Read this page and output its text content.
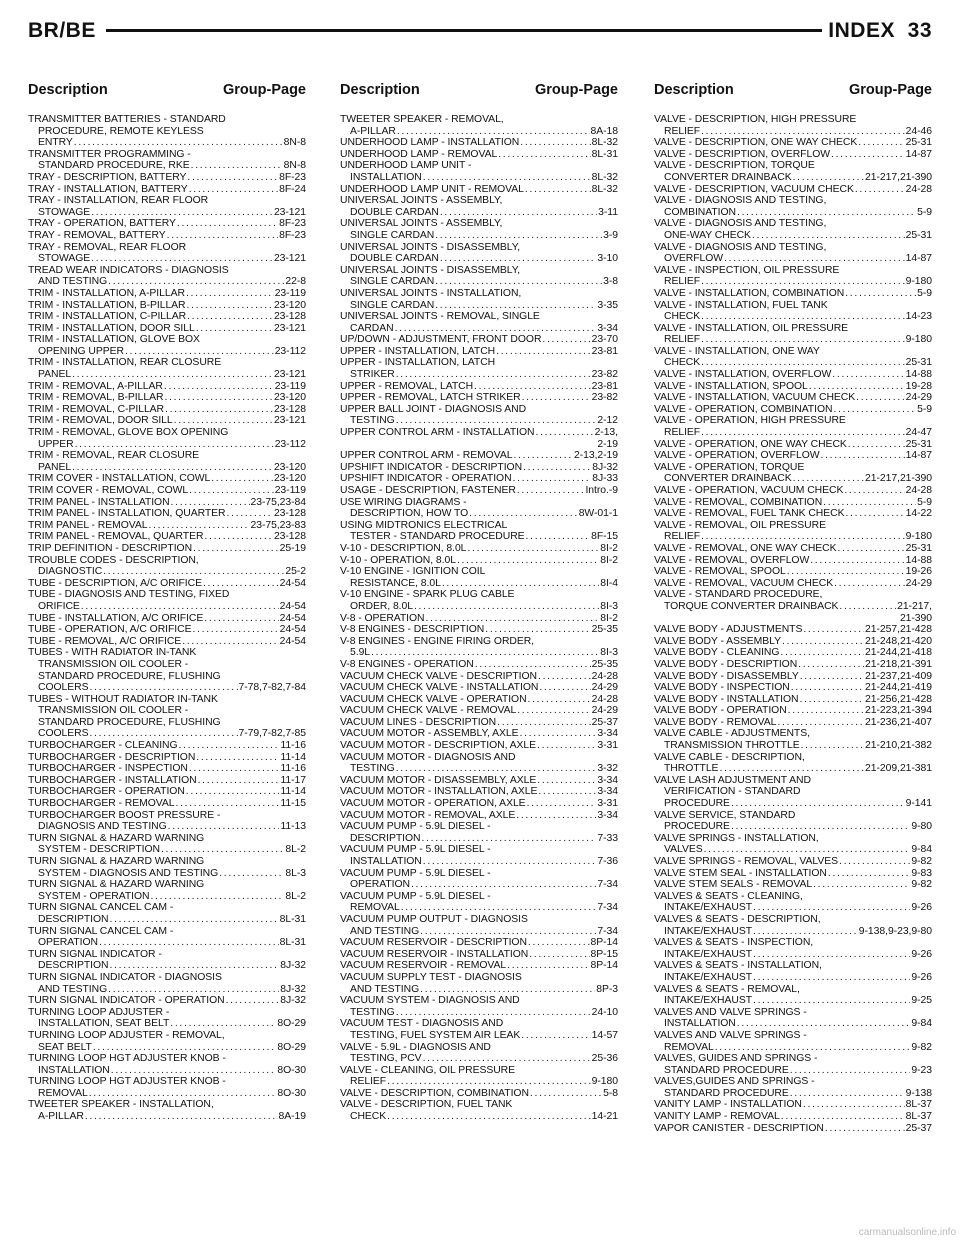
BR/BE	INDEX 33
Description	Group-Page
TRANSMITTER BATTERIES - STANDARD
PROCEDURE, REMOTE KEYLESS
ENTRY . . .	8N-8
TRANSMITTER PROGRAMMING -
STANDARD PROCEDURE, RKE . . .	8N-8
TRAY - DESCRIPTION, BATTERY . . .	8F-23
TRAY - INSTALLATION, BATTERY . . .	8F-24
TRAY - INSTALLATION, REAR FLOOR
STOWAGE . . .	23-121
TRAY - OPERATION, BATTERY . . .	8F-23
TRAY - REMOVAL, BATTERY . . .	8F-23
TRAY - REMOVAL, REAR FLOOR
STOWAGE . . .	23-121
TREAD WEAR INDICATORS - DIAGNOSIS
AND TESTING . . .	22-8
TRIM - INSTALLATION, A-PILLAR . . .	23-119
TRIM - INSTALLATION, B-PILLAR . . .	23-120
TRIM - INSTALLATION, C-PILLAR . . .	23-128
TRIM - INSTALLATION, DOOR SILL . . .	23-121
TRIM - INSTALLATION, GLOVE BOX
OPENING UPPER . . .	23-112
TRIM - INSTALLATION, REAR CLOSURE
PANEL . . .	23-121
TRIM - REMOVAL, A-PILLAR . . .	23-119
TRIM - REMOVAL, B-PILLAR . . .	23-120
TRIM - REMOVAL, C-PILLAR . . .	23-128
TRIM - REMOVAL, DOOR SILL . . .	23-121
TRIM - REMOVAL, GLOVE BOX OPENING
UPPER . . .	23-112
TRIM - REMOVAL, REAR CLOSURE
PANEL . . .	23-120
TRIM COVER - INSTALLATION, COWL . . .	23-120
TRIM COVER - REMOVAL, COWL . . .	23-119
TRIM PANEL - INSTALLATION . . .	23-75,23-84
TRIM PANEL - INSTALLATION, QUARTER . . .	23-128
TRIM PANEL - REMOVAL . . .	23-75,23-83
TRIM PANEL - REMOVAL, QUARTER . . .	23-128
TRIP DEFINITION - DESCRIPTION . . .	25-19
TROUBLE CODES - DESCRIPTION,
DIAGNOSTIC . . .	25-2
TUBE - DESCRIPTION, A/C ORIFICE . . .	24-54
TUBE - DIAGNOSIS AND TESTING, FIXED
ORIFICE . . .	24-54
TUBE - INSTALLATION, A/C ORIFICE . . .	24-54
TUBE - OPERATION, A/C ORIFICE . . .	24-54
TUBE - REMOVAL, A/C ORIFICE . . .	24-54
TUBES - WITH RADIATOR IN-TANK
TRANSMISSION OIL COOLER -
STANDARD PROCEDURE, FLUSHING
COOLERS . . .	7-78,7-82,7-84
TUBES - WITHOUT RADIATOR IN-TANK
TRANSMISSION OIL COOLER -
STANDARD PROCEDURE, FLUSHING
COOLERS . . .	7-79,7-82,7-85
TURBOCHARGER - CLEANING . . .	11-16
TURBOCHARGER - DESCRIPTION . . .	11-14
TURBOCHARGER - INSPECTION . . .	11-16
TURBOCHARGER - INSTALLATION . . .	11-17
TURBOCHARGER - OPERATION . . .	11-14
TURBOCHARGER - REMOVAL . . .	11-15
TURBOCHARGER BOOST PRESSURE -
DIAGNOSIS AND TESTING . . .	11-13
TURN SIGNAL & HAZARD WARNING
SYSTEM - DESCRIPTION . . .	8L-2
TURN SIGNAL & HAZARD WARNING
SYSTEM - DIAGNOSIS AND TESTING . . .	8L-3
TURN SIGNAL & HAZARD WARNING
SYSTEM - OPERATION . . .	8L-2
TURN SIGNAL CANCEL CAM -
DESCRIPTION . . .	8L-31
TURN SIGNAL CANCEL CAM -
OPERATION . . .	8L-31
TURN SIGNAL INDICATOR -
DESCRIPTION . . .	8J-32
TURN SIGNAL INDICATOR - DIAGNOSIS
AND TESTING . . .	8J-32
TURN SIGNAL INDICATOR - OPERATION . . .	8J-32
TURNING LOOP ADJUSTER -
INSTALLATION, SEAT BELT . . .	8O-29
TURNING LOOP ADJUSTER - REMOVAL,
SEAT BELT . . .	8O-29
TURNING LOOP HGT ADJUSTER KNOB -
INSTALLATION . . .	8O-30
TURNING LOOP HGT ADJUSTER KNOB -
REMOVAL . . .	8O-30
TWEETER SPEAKER - INSTALLATION,
A-PILLAR . . .	8A-19
Description	Group-Page
TWEETER SPEAKER - REMOVAL,
A-PILLAR . . .	8A-18
UNDERHOOD LAMP - INSTALLATION . . .	8L-32
UNDERHOOD LAMP - REMOVAL . . .	8L-31
UNDERHOOD LAMP UNIT -
INSTALLATION . . .	8L-32
UNDERHOOD LAMP UNIT - REMOVAL . . .	8L-32
UNIVERSAL JOINTS - ASSEMBLY,
DOUBLE CARDAN . . .	3-11
UNIVERSAL JOINTS - ASSEMBLY,
SINGLE CARDAN . . .	3-9
UNIVERSAL JOINTS - DISASSEMBLY,
DOUBLE CARDAN . . .	3-10
UNIVERSAL JOINTS - DISASSEMBLY,
SINGLE CARDAN . . .	3-8
UNIVERSAL JOINTS - INSTALLATION,
SINGLE CARDAN . . .	3-35
UNIVERSAL JOINTS - REMOVAL, SINGLE
CARDAN . . .	3-34
UP/DOWN - ADJUSTMENT, FRONT DOOR . . .	23-70
UPPER - INSTALLATION, LATCH . . .	23-81
UPPER - INSTALLATION, LATCH
STRIKER . . .	23-82
UPPER - REMOVAL, LATCH . . .	23-81
UPPER - REMOVAL, LATCH STRIKER . . .	23-82
UPPER BALL JOINT - DIAGNOSIS AND
TESTING . . .	2-12
UPPER CONTROL ARM - INSTALLATION . . .	2-13,
2-19
UPPER CONTROL ARM - REMOVAL . . .	2-13,2-19
UPSHIFT INDICATOR - DESCRIPTION . . .	8J-32
UPSHIFT INDICATOR - OPERATION . . .	8J-33
USAGE - DESCRIPTION, FASTENER . . .	Intro.-9
USE WIRING DIAGRAMS -
DESCRIPTION, HOW TO . . .	8W-01-1
USING MIDTRONICS ELECTRICAL
TESTER - STANDARD PROCEDURE . . .	8F-15
V-10 - DESCRIPTION, 8.0L . . .	8I-2
V-10 - OPERATION, 8.0L . . .	8I-2
V-10 ENGINE - IGNITION COIL
RESISTANCE, 8.0L . . .	8I-4
V-10 ENGINE - SPARK PLUG CABLE
ORDER, 8.0L . . .	8I-3
V-8 - OPERATION . . .	8I-2
V-8 ENGINES - DESCRIPTION . . .	25-35
V-8 ENGINES - ENGINE FIRING ORDER,
5.9L . . .	8I-3
V-8 ENGINES - OPERATION . . .	25-35
VACUUM CHECK VALVE - DESCRIPTION . . .	24-28
VACUUM CHECK VALVE - INSTALLATION . . .	24-29
VACUUM CHECK VALVE - OPERATION . . .	24-28
VACUUM CHECK VALVE - REMOVAL . . .	24-29
VACUUM LINES - DESCRIPTION . . .	25-37
VACUUM MOTOR - ASSEMBLY, AXLE . . .	3-34
VACUUM MOTOR - DESCRIPTION, AXLE . . .	3-31
VACUUM MOTOR - DIAGNOSIS AND
TESTING . . .	3-32
VACUUM MOTOR - DISASSEMBLY, AXLE . . .	3-34
VACUUM MOTOR - INSTALLATION, AXLE . . .	3-34
VACUUM MOTOR - OPERATION, AXLE . . .	3-31
VACUUM MOTOR - REMOVAL, AXLE . . .	3-34
VACUUM PUMP - 5.9L DIESEL -
DESCRIPTION . . .	7-33
VACUUM PUMP - 5.9L DIESEL -
INSTALLATION . . .	7-36
VACUUM PUMP - 5.9L DIESEL -
OPERATION . . .	7-34
VACUUM PUMP - 5.9L DIESEL -
REMOVAL . . .	7-34
VACUUM PUMP OUTPUT - DIAGNOSIS
AND TESTING . . .	7-34
VACUUM RESERVOIR - DESCRIPTION . . .	8P-14
VACUUM RESERVOIR - INSTALLATION . . .	8P-15
VACUUM RESERVOIR - REMOVAL . . .	8P-14
VACUUM SUPPLY TEST - DIAGNOSIS
AND TESTING . . .	8P-3
VACUUM SYSTEM - DIAGNOSIS AND
TESTING . . .	24-10
VACUUM TEST - DIAGNOSIS AND
TESTING, FUEL SYSTEM AIR LEAK . . .	14-57
VALVE - 5.9L - DIAGNOSIS AND
TESTING, PCV . . .	25-36
VALVE - CLEANING, OIL PRESSURE
RELIEF . . .	9-180
VALVE - DESCRIPTION, COMBINATION . . .	5-8
VALVE - DESCRIPTION, FUEL TANK
CHECK . . .	14-21
Description	Group-Page
VALVE - DESCRIPTION, HIGH PRESSURE
RELIEF . . .	24-46
VALVE - DESCRIPTION, ONE WAY CHECK . . .	25-31
VALVE - DESCRIPTION, OVERFLOW . . .	14-87
VALVE - DESCRIPTION, TORQUE
CONVERTER DRAINBACK . . .	21-217,21-390
VALVE - DESCRIPTION, VACUUM CHECK . . .	24-28
VALVE - DIAGNOSIS AND TESTING,
COMBINATION . . .	5-9
VALVE - DIAGNOSIS AND TESTING,
ONE-WAY CHECK . . .	25-31
VALVE - DIAGNOSIS AND TESTING,
OVERFLOW . . .	14-87
VALVE - INSPECTION, OIL PRESSURE
RELIEF . . .	9-180
VALVE - INSTALLATION, COMBINATION . . .	5-9
VALVE - INSTALLATION, FUEL TANK
CHECK . . .	14-23
VALVE - INSTALLATION, OIL PRESSURE
RELIEF . . .	9-180
VALVE - INSTALLATION, ONE WAY
CHECK . . .	25-31
VALVE - INSTALLATION, OVERFLOW . . .	14-88
VALVE - INSTALLATION, SPOOL . . .	19-28
VALVE - INSTALLATION, VACUUM CHECK . . .	24-29
VALVE - OPERATION, COMBINATION . . .	5-9
VALVE - OPERATION, HIGH PRESSURE
RELIEF . . .	24-47
VALVE - OPERATION, ONE WAY CHECK . . .	25-31
VALVE - OPERATION, OVERFLOW . . .	14-87
VALVE - OPERATION, TORQUE
CONVERTER DRAINBACK . . .	21-217,21-390
VALVE - OPERATION, VACUUM CHECK . . .	24-28
VALVE - REMOVAL, COMBINATION . . .	5-9
VALVE - REMOVAL, FUEL TANK CHECK . . .	14-22
VALVE - REMOVAL, OIL PRESSURE
RELIEF . . .	9-180
VALVE - REMOVAL, ONE WAY CHECK . . .	25-31
VALVE - REMOVAL, OVERFLOW . . .	14-88
VALVE - REMOVAL, SPOOL . . .	19-26
VALVE - REMOVAL, VACUUM CHECK . . .	24-29
VALVE - STANDARD PROCEDURE,
TORQUE CONVERTER DRAINBACK . . .	21-217,
21-390
VALVE BODY - ADJUSTMENTS . . .	21-257,21-428
VALVE BODY - ASSEMBLY . . .	21-248,21-420
VALVE BODY - CLEANING . . .	21-244,21-418
VALVE BODY - DESCRIPTION . . .	21-218,21-391
VALVE BODY - DISASSEMBLY . . .	21-237,21-409
VALVE BODY - INSPECTION . . .	21-244,21-419
VALVE BODY - INSTALLATION . . .	21-256,21-428
VALVE BODY - OPERATION . . .	21-223,21-394
VALVE BODY - REMOVAL . . .	21-236,21-407
VALVE CABLE - ADJUSTMENTS,
TRANSMISSION THROTTLE . . .	21-210,21-382
VALVE CABLE - DESCRIPTION,
THROTTLE . . .	21-209,21-381
VALVE LASH ADJUSTMENT AND
VERIFICATION - STANDARD
PROCEDURE . . .	9-141
VALVE SERVICE, STANDARD
PROCEDURE . . .	9-80
VALVE SPRINGS - INSTALLATION,
VALVES . . .	9-84
VALVE SPRINGS - REMOVAL, VALVES . . .	9-82
VALVE STEM SEAL - INSTALLATION . . .	9-83
VALVE STEM SEALS - REMOVAL . . .	9-82
VALVES & SEATS - CLEANING,
INTAKE/EXHAUST . . .	9-26
VALVES & SEATS - DESCRIPTION,
INTAKE/EXHAUST . . .	9-138,9-23,9-80
VALVES & SEATS - INSPECTION,
INTAKE/EXHAUST . . .	9-26
VALVES & SEATS - INSTALLATION,
INTAKE/EXHAUST . . .	9-26
VALVES & SEATS - REMOVAL,
INTAKE/EXHAUST . . .	9-25
VALVES AND VALVE SPRINGS -
INSTALLATION . . .	9-84
VALVES AND VALVE SPRINGS -
REMOVAL . . .	9-82
VALVES, GUIDES AND SPRINGS -
STANDARD PROCEDURE . . .	9-23
VALVES,GUIDES AND SPRINGS -
STANDARD PROCEDURE . . .	9-138
VANITY LAMP - INSTALLATION . . .	8L-37
VANITY LAMP - REMOVAL . . .	8L-37
VAPOR CANISTER - DESCRIPTION . . .	25-37
carmanualsonline.info
